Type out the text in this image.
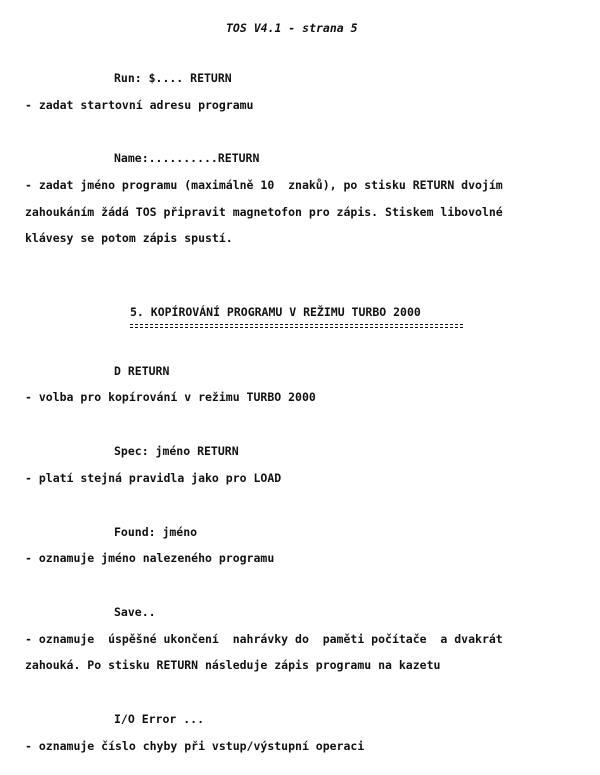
TOS V4.1 - strana 5
Run: $.... RETURN
- zadat startovní adresu programu
Name:..........RETURN
- zadat jméno programu (maximálně 10  znaků), po stisku RETURN dvojím
zahoukáním žádá TOS připravit magnetofon pro zápis. Stiskem libovolné
klávesy se potom zápis spustí.
5. KOPÍROVÁNÍ PROGRAMU V REŽIMU TURBO 2000
D RETURN
- volba pro kopírování v režimu TURBO 2000
Spec: jméno RETURN
- platí stejná pravidla jako pro LOAD
Found: jméno
- oznamuje jméno nalezeného programu
Save..
- oznamuje  úspěšné ukončení  nahrávky do  paměti počítače  a dvakrát
zahouká. Po stisku RETURN následuje zápis programu na kazetu
I/O Error ...
- oznamuje číslo chyby při vstup/výstupní operaci
